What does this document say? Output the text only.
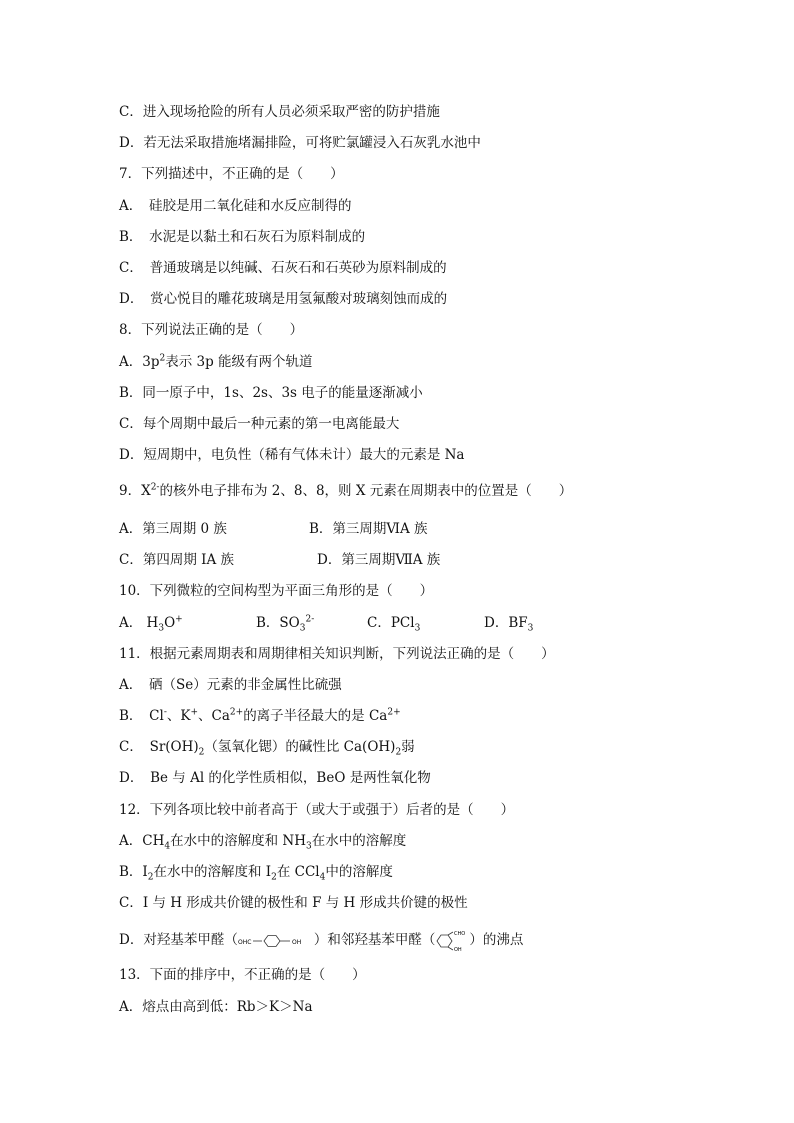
C．进入现场抢险的所有人员必须采取严密的防护措施
D．若无法采取措施堵漏排险，可将贮氯罐浸入石灰乳水池中
7．下列描述中，不正确的是（　　）
A．　硅胶是用二氧化硅和水反应制得的
B．　水泥是以黏土和石灰石为原料制成的
C．　普通玻璃是以纯碱、石灰石和石英砂为原料制成的
D．　赏心悦目的雕花玻璃是用氢氟酸对玻璃刻蚀而成的
8．下列说法正确的是（　　）
A．$3p^2$表示 3p 能级有两个轨道
B．同一原子中，1s、2s、3s 电子的能量逐渐减小
C．每个周期中最后一种元素的第一电离能最大
D．短周期中，电负性（稀有气体未计）最大的元素是 Na
9．$X^{2-}$的核外电子排布为 2、8、8，则 X 元素在周期表中的位置是（　　）
A．第三周期 0 族	B．第三周期ⅥA 族
C．第四周期 IA 族	D．第三周期ⅦA 族
10．下列微粒的空间构型为平面三角形的是（　　）
A． $H_3O^+$	B．$SO_3^{2-}$	C．PCl$_3$	D．$BF_3$
11．根据元素周期表和周期律相关知识判断，下列说法正确的是（　　）
A．　硒（Se）元素的非金属性比硫强
B．　Cl-、K+、$Ca^{2+}$的离子半径最大的是 $Ca^{2+}$
C．　$Sr(OH)_2$（氢氧化锶）的碱性比 $Ca(OH)_2$弱
D．　Be 与 Al 的化学性质相似，BeO 是两性氧化物
12．下列各项比较中前者高于（或大于或强于）后者的是（　　）
A．$CH_4$在水中的溶解度和 $NH_3$在水中的溶解度
B．$I_2$在水中的溶解度和 $I_2$在 CCl$_4$中的溶解度
C．I 与 H 形成共价键的极性和 F 与 H 形成共价键的极性
D．对羟基苯甲醛（ OHC	OH ）和邻羟基苯甲醛（	CHO
OH
）的沸点
13．下面的排序中，不正确的是（　　）
A．熔点由高到低：Rb＞K＞Na
